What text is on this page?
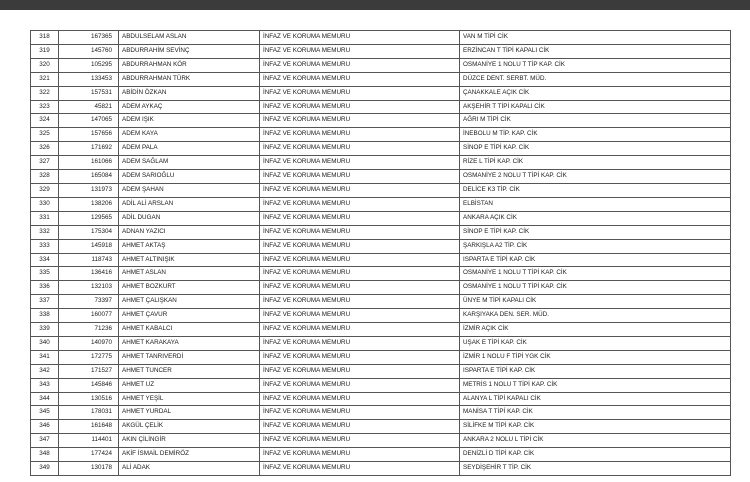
318	167365	ABDULSELAM ASLAN	İNFAZ VE KORUMA MEMURU	VAN M TİPİ CİK
319	145760	ABDURRAHİM SEVİNÇ	İNFAZ VE KORUMA MEMURU	ERZİNCAN T TİPİ KAPALI CİK
320	105295	ABDURRAHMAN KÖR	İNFAZ VE KORUMA MEMURU	OSMANİYE 1 NOLU T TİP KAP. CİK
321	133453	ABDURRAHMAN TÜRK	İNFAZ VE KORUMA MEMURU	DÜZCE DENT. SERBT. MÜD.
322	157531	ABİDİN ÖZKAN	İNFAZ VE KORUMA MEMURU	ÇANAKKALE AÇIK CİK
323	45821	ADEM AYKAÇ	İNFAZ VE KORUMA MEMURU	AKŞEHİR T TİPİ KAPALI CİK
324	147065	ADEM IŞIK	İNFAZ VE KORUMA MEMURU	AĞRI M TİPİ CİK
325	157656	ADEM KAYA	İNFAZ VE KORUMA MEMURU	İNEBOLU M TİP. KAP. CİK
326	171692	ADEM PALA	İNFAZ VE KORUMA MEMURU	SİNOP E TİPİ KAP. CİK
327	161066	ADEM SAĞLAM	İNFAZ VE KORUMA MEMURU	RİZE L TİPİ KAP. CİK
328	165084	ADEM SARIOĞLU	İNFAZ VE KORUMA MEMURU	OSMANİYE 2 NOLU T TİPİ KAP. CİK
329	131973	ADEM ŞAHAN	İNFAZ VE KORUMA MEMURU	DELİCE K3 TİP. CİK
330	138206	ADİL ALİ ARSLAN	İNFAZ VE KORUMA MEMURU	ELBİSTAN
331	129565	ADİL DUGAN	İNFAZ VE KORUMA MEMURU	ANKARA AÇIK CİK
332	175304	ADNAN YAZICI	İNFAZ VE KORUMA MEMURU	SİNOP E TİPİ KAP. CİK
333	145918	AHMET AKTAŞ	İNFAZ VE KORUMA MEMURU	ŞARKIŞLA A2 TİP. CİK
334	118743	AHMET ALTINIŞIK	İNFAZ VE KORUMA MEMURU	ISPARTA E TİPİ KAP. CİK
335	136416	AHMET ASLAN	İNFAZ VE KORUMA MEMURU	OSMANİYE 1 NOLU T TİPİ KAP. CİK
336	132103	AHMET BOZKURT	İNFAZ VE KORUMA MEMURU	OSMANİYE 1 NOLU T TİPİ KAP. CİK
337	73397	AHMET ÇALIŞKAN	İNFAZ VE KORUMA MEMURU	ÜNYE M TİPİ KAPALI CİK
338	160077	AHMET ÇAVUR	İNFAZ VE KORUMA MEMURU	KARŞIYAKA DEN. SER. MÜD.
339	71236	AHMET KABALCI	İNFAZ VE KORUMA MEMURU	İZMİR AÇIK CİK
340	140970	AHMET KARAKAYA	İNFAZ VE KORUMA MEMURU	UŞAK E TİPİ KAP. CİK
341	172775	AHMET TANRIVERDİ	İNFAZ VE KORUMA MEMURU	İZMİR 1 NOLU F TİPİ YGK CİK
342	171527	AHMET TUNCER	İNFAZ VE KORUMA MEMURU	ISPARTA E TİPİ KAP. CİK
343	145846	AHMET UZ	İNFAZ VE KORUMA MEMURU	METRİS 1 NOLU T TİPİ KAP. CİK
344	130516	AHMET YEŞİL	İNFAZ VE KORUMA MEMURU	ALANYA L TİPİ KAPALI CİK
345	178031	AHMET YURDAL	İNFAZ VE KORUMA MEMURU	MANİSA T TİPİ KAP. CİK
346	161648	AKGÜL ÇELİK	İNFAZ VE KORUMA MEMURU	SİLİFKE M TİPİ KAP. CİK
347	114401	AKIN ÇİLİNGİR	İNFAZ VE KORUMA MEMURU	ANKARA 2 NOLU L TİPİ CİK
348	177424	AKİF İSMAİL DEMİRÖZ	İNFAZ VE KORUMA MEMURU	DENİZLİ D TİPİ KAP. CİK
349	130178	ALİ ADAK	İNFAZ VE KORUMA MEMURU	SEYDİŞEHİR T TİP. CİK
